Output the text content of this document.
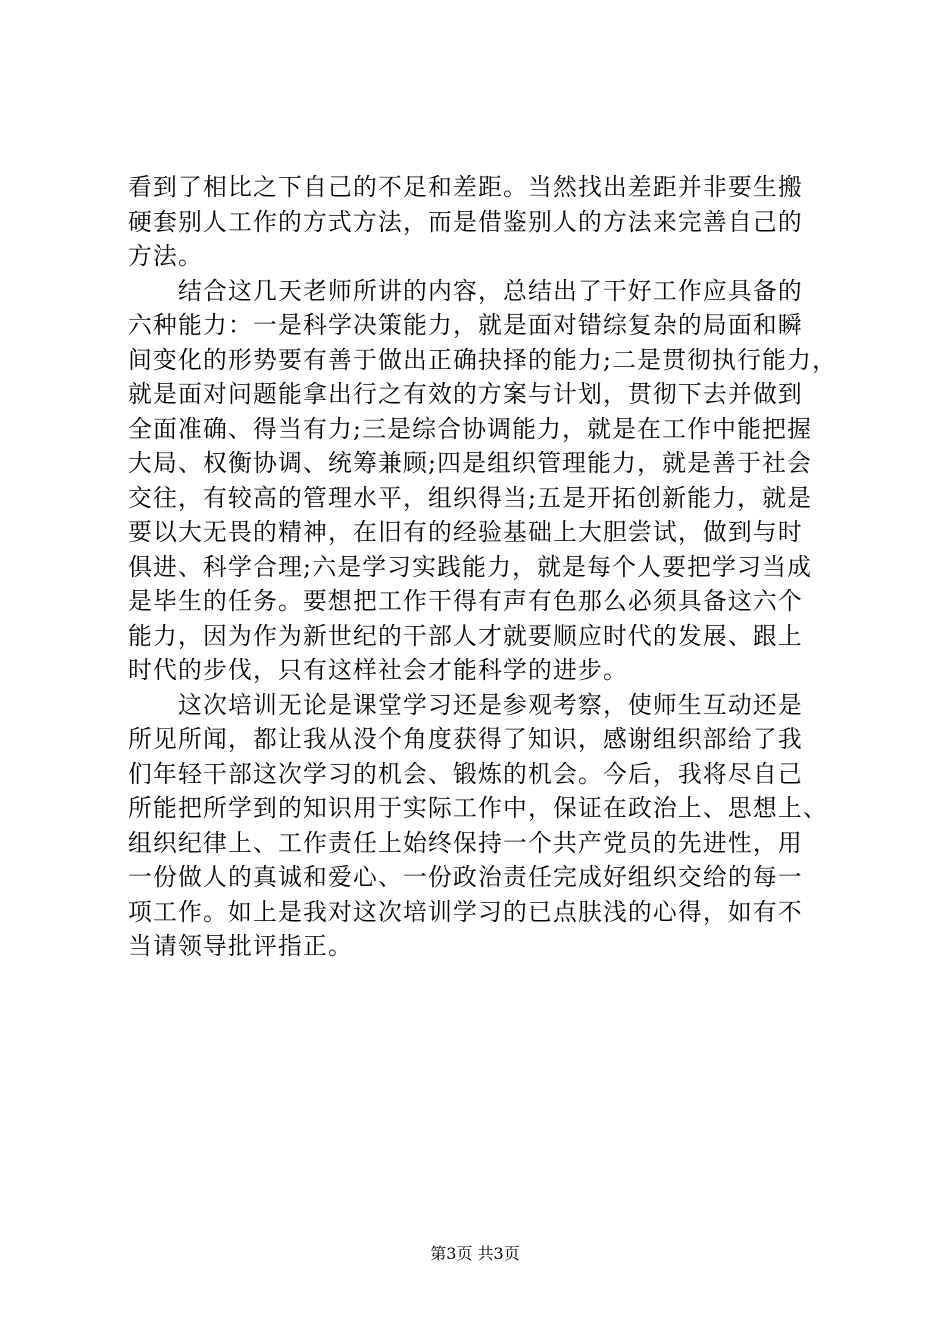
看到了相比之下自己的不足和差距。当然找出差距并非要生搬
硬套别人工作的方式方法，而是借鉴别人的方法来完善自己的
方法。
　　结合这几天老师所讲的内容，总结出了干好工作应具备的
六种能力：一是科学决策能力，就是面对错综复杂的局面和瞬
间变化的形势要有善于做出正确抉择的能力;二是贯彻执行能力，
就是面对问题能拿出行之有效的方案与计划，贯彻下去并做到
全面准确、得当有力;三是综合协调能力，就是在工作中能把握
大局、权衡协调、统筹兼顾;四是组织管理能力，就是善于社会
交往，有较高的管理水平，组织得当;五是开拓创新能力，就是
要以大无畏的精神，在旧有的经验基础上大胆尝试，做到与时
俱进、科学合理;六是学习实践能力，就是每个人要把学习当成
是毕生的任务。要想把工作干得有声有色那么必须具备这六个
能力，因为作为新世纪的干部人才就要顺应时代的发展、跟上
时代的步伐，只有这样社会才能科学的进步。
　　这次培训无论是课堂学习还是参观考察，使师生互动还是
所见所闻，都让我从没个角度获得了知识，感谢组织部给了我
们年轻干部这次学习的机会、锻炼的机会。今后，我将尽自己
所能把所学到的知识用于实际工作中，保证在政治上、思想上、
组织纪律上、工作责任上始终保持一个共产党员的先进性，用
一份做人的真诚和爱心、一份政治责任完成好组织交给的每一
项工作。如上是我对这次培训学习的已点肤浅的心得，如有不
当请领导批评指正。
第3页 共3页
